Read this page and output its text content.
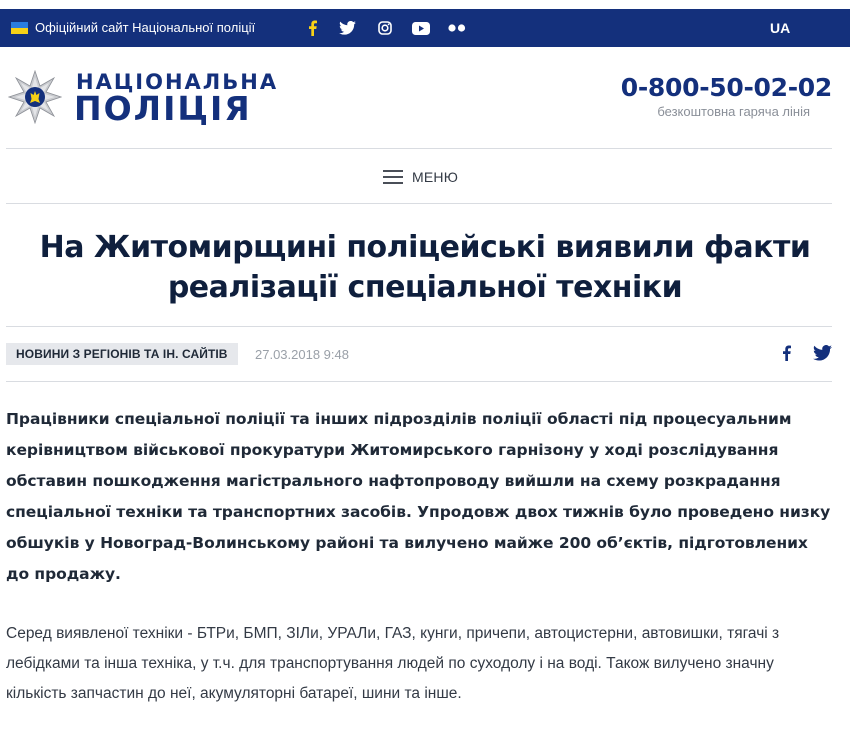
Офіційний сайт Національної поліції	UA
НАЦІОНАЛЬНА
ПОЛІЦІЯ
0-800-50-02-02
безкоштовна гаряча лінія
МЕНЮ
На Житомирщині поліцейські виявили факти
реалізації спеціальної техніки
НОВИНИ З РЕГІОНІВ ТА ІН. САЙТІВ	27.03.2018 9:48

Працівники спеціальної поліції та інших підрозділів поліції області під процесуальним керівництвом військової прокуратури Житомирського гарнізону у ході розслідування обставин пошкодження магістрального нафтопроводу вийшли на схему розкрадання спеціальної техніки та транспортних засобів. Упродовж двох тижнів було проведено низку обшуків у Новоград-Волинському районі та вилучено майже 200 об’єктів, підготовлених до продажу.

Серед виявленої техніки - БТРи, БМП, ЗІЛи, УРАЛи, ГАЗ, кунги, причепи, автоцистерни, автовишки, тягачі з лебідками та інша техніка, у т.ч. для транспортування людей по суходолу і на воді. Також вилучено значну кількість запчастин до неї, акумуляторні батареї, шини та інше.
